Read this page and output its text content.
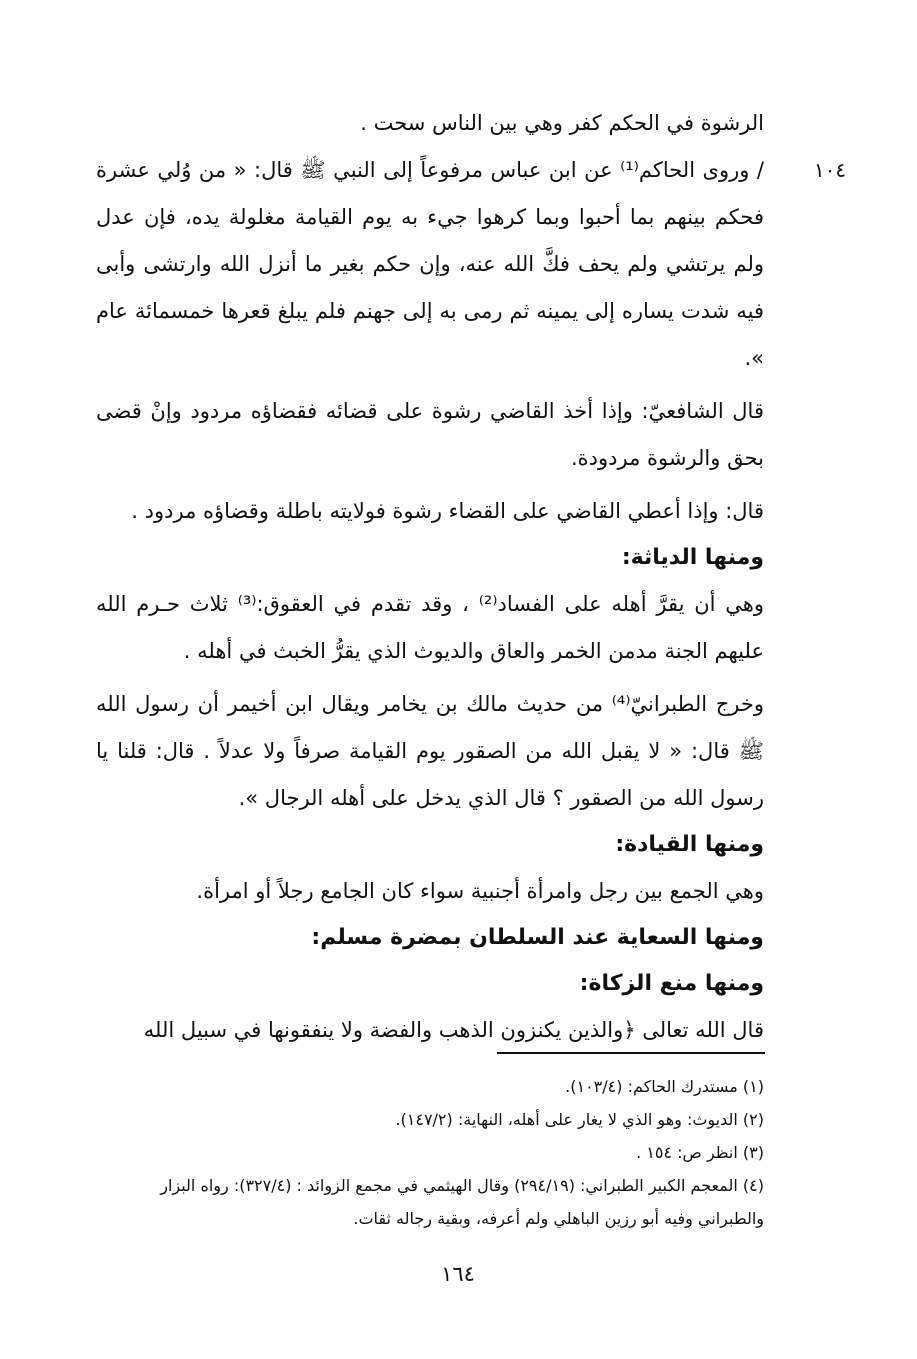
١٠٤

الرشوة في الحكم كفر وهي بين الناس سحت .

/ وروى الحاكم⁽¹⁾ عن ابن عباس مرفوعاً إلى النبي ﷺ قال: « من وُلي عشرة فحكم بينهم بما أحبوا وبما كرهوا جيء به يوم القيامة مغلولة يده، فإن عدل ولم يرتشي ولم يحف فكَّ الله عنه، وإن حكم بغير ما أنزل الله وارتشى وأبى فيه شدت يساره إلى يمينه ثم رمى به إلى جهنم فلم يبلغ قعرها خمسمائة عام ».

قال الشافعيّ: وإذا أخذ القاضي رشوة على قضائه فقضاؤه مردود وإنْ قضى بحق والرشوة مردودة.

قال: وإذا أعطي القاضي على القضاء رشوة فولايته باطلة وقضاؤه مردود .

ومنها الدياثة:

وهي أن يقرَّ أهله على الفساد⁽²⁾ ، وقد تقدم في العقوق:⁽³⁾ ثلاث حـرم الله عليهم الجنة مدمن الخمر والعاق والديوث الذي يقرُّ الخبث في أهله .

وخرج الطبرانيّ⁽⁴⁾ من حديث مالك بن يخامر ويقال ابن أخيمر أن رسول الله ﷺ قال: « لا يقبل الله من الصقور يوم القيامة صرفاً ولا عدلاً . قال: قلنا يا رسول الله من الصقور ؟ قال الذي يدخل على أهله الرجال ».

ومنها القيادة:

وهي الجمع بين رجل وامرأة أجنبية سواء كان الجامع رجلاً أو امرأة.

ومنها السعاية عند السلطان بمضرة مسلم:

ومنها منع الزكاة:

قال الله تعالى ﴿والذين يكنزون الذهب والفضة ولا ينفقونها في سبيل الله

(١) مستدرك الحاكم: (١٠٣/٤).

(٢) الديوث: وهو الذي لا يغار على أهله، النهاية: (١٤٧/٢).

(٣) انظر ص: ١٥٤ .

(٤) المعجم الكبير الطبراني: (٢٩٤/١٩) وقال الهيثمي في مجمع الزوائد : (٣٢٧/٤): رواه البزار والطبراني وفيه أبو رزين الباهلي ولم أعرفه، وبقية رجاله ثقات.

١٦٤
